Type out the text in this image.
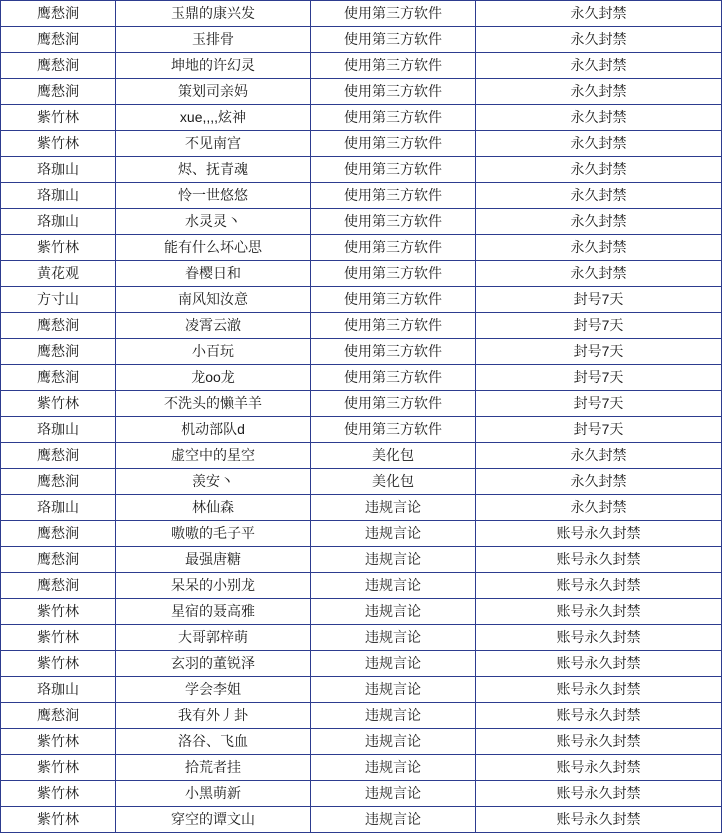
鹰愁涧	玉鼎的康兴发	使用第三方软件	永久封禁
鹰愁涧	玉排骨	使用第三方软件	永久封禁
鹰愁涧	坤地的许幻灵	使用第三方软件	永久封禁
鹰愁涧	策划司亲妈	使用第三方软件	永久封禁
紫竹林	xue,,,,炫神	使用第三方软件	永久封禁
紫竹林	不见南宫	使用第三方软件	永久封禁
珞珈山	烬、抚青魂	使用第三方软件	永久封禁
珞珈山	怜一世悠悠	使用第三方软件	永久封禁
珞珈山	水灵灵丶	使用第三方软件	永久封禁
紫竹林	能有什么坏心思	使用第三方软件	永久封禁
黄花观	眷樱日和	使用第三方软件	永久封禁
方寸山	南风知汝意	使用第三方软件	封号7天
鹰愁涧	凌霄云澈	使用第三方软件	封号7天
鹰愁涧	小百玩	使用第三方软件	封号7天
鹰愁涧	龙oo龙	使用第三方软件	封号7天
紫竹林	不洗头的懒羊羊	使用第三方软件	封号7天
珞珈山	机动部队d	使用第三方软件	封号7天
鹰愁涧	虚空中的星空	美化包	永久封禁
鹰愁涧	羡安丶	美化包	永久封禁
珞珈山	林仙森	违规言论	永久封禁
鹰愁涧	嗷嗷的毛子平	违规言论	账号永久封禁
鹰愁涧	最强唐糖	违规言论	账号永久封禁
鹰愁涧	呆呆的小别龙	违规言论	账号永久封禁
紫竹林	星宿的聂高雅	违规言论	账号永久封禁
紫竹林	大哥郭梓萌	违规言论	账号永久封禁
紫竹林	玄羽的董锐泽	违规言论	账号永久封禁
珞珈山	学会李姐	违规言论	账号永久封禁
鹰愁涧	我有外丿卦	违规言论	账号永久封禁
紫竹林	洛谷、飞血	违规言论	账号永久封禁
紫竹林	拾荒者挂	违规言论	账号永久封禁
紫竹林	小黑萌新	违规言论	账号永久封禁
紫竹林	穿空的谭文山	违规言论	账号永久封禁
